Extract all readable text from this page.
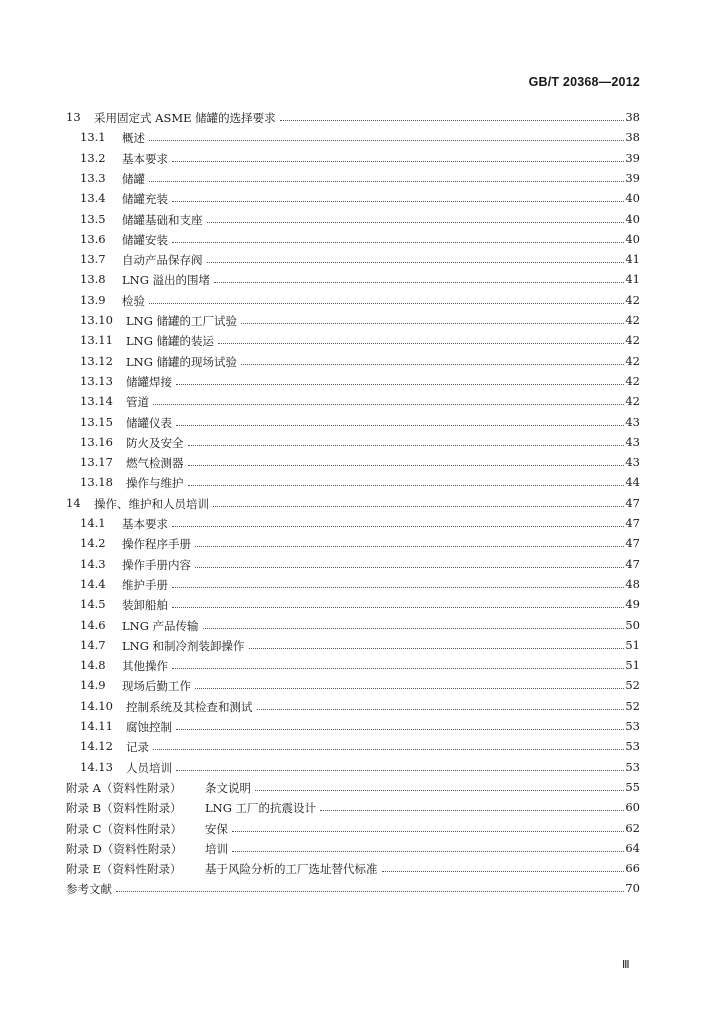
GB/T 20368—2012
13 采用固定式 ASME 储罐的选择要求	38
13.1 概述	38
13.2 基本要求	39
13.3 储罐	39
13.4 储罐充装	40
13.5 储罐基础和支座	40
13.6 储罐安装	40
13.7 自动产品保存阀	41
13.8 LNG 溢出的围堵	41
13.9 检验	42
13.10 LNG 储罐的工厂试验	42
13.11 LNG 储罐的装运	42
13.12 LNG 储罐的现场试验	42
13.13 储罐焊接	42
13.14 管道	42
13.15 储罐仪表	43
13.16 防火及安全	43
13.17 燃气检测器	43
13.18 操作与维护	44
14 操作、维护和人员培训	47
14.1 基本要求	47
14.2 操作程序手册	47
14.3 操作手册内容	47
14.4 维护手册	48
14.5 装卸船舶	49
14.6 LNG 产品传输	50
14.7 LNG 和制冷剂装卸操作	51
14.8 其他操作	51
14.9 现场后勤工作	52
14.10 控制系统及其检查和测试	52
14.11 腐蚀控制	53
14.12 记录	53
14.13 人员培训	53
附录 A（资料性附录） 条文说明	55
附录 B（资料性附录） LNG 工厂的抗震设计	60
附录 C（资料性附录） 安保	62
附录 D（资料性附录） 培训	64
附录 E（资料性附录） 基于风险分析的工厂选址替代标准	66
参考文献	70
Ⅲ
